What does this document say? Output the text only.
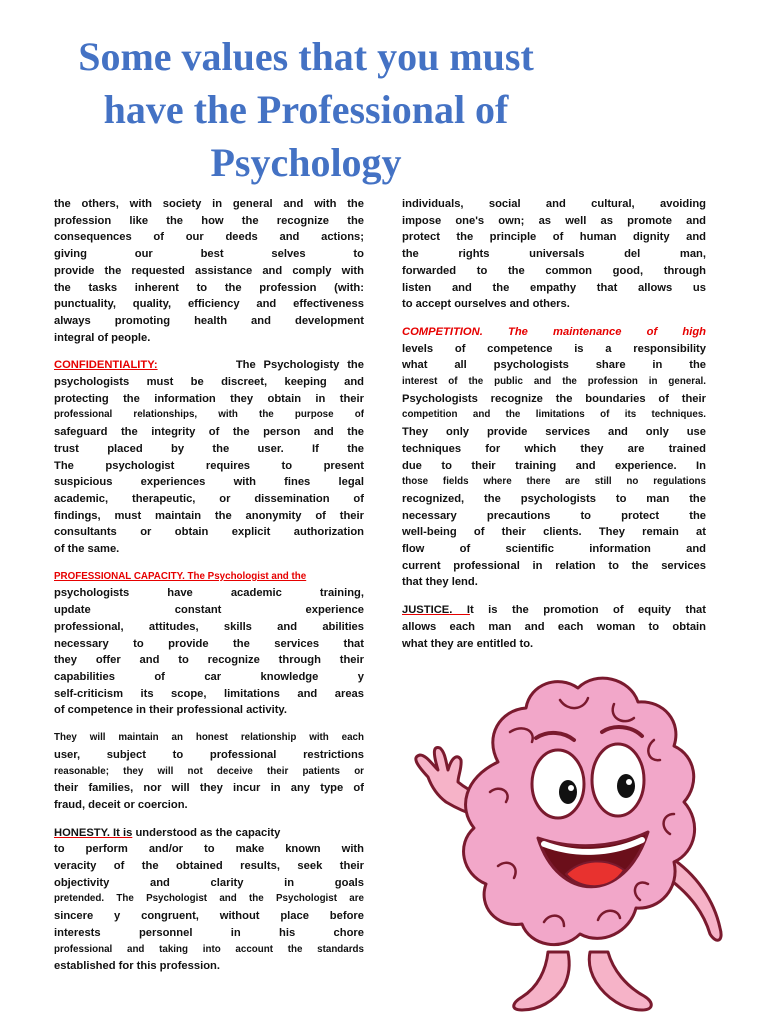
Some values that you must
have the Professional of
Psychology
the others, with society in general and with the
profession like the how the recognize the
consequences of our deeds and actions;
giving our best selves to
provide the requested assistance and comply with
the tasks inherent to the profession (with:
punctuality, quality, efficiency and effectiveness
always promoting health and development
integral of people.
CONFIDENTIALITY:	The Psychologisty the
psychologists must be discreet, keeping and
protecting the information they obtain in their
professional relationships, with the purpose of
safeguard the integrity of the person and the
trust placed by the user. If the
The psychologist requires to present
suspicious experiences with fines legal
academic, therapeutic, or dissemination of
findings, must maintain the anonymity of their
consultants or obtain explicit authorization
of the same.
PROFESSIONAL CAPACITY. The Psychologist and the
psychologists have academic training,
update constant experience
professional, attitudes, skills and abilities
necessary to provide the services that
they offer and to recognize through their
capabilities of car knowledge y
self-criticism its scope, limitations and areas
of competence in their professional activity.
They will maintain an honest relationship with each
user, subject to professional restrictions
reasonable; they will not deceive their patients or
their families, nor will they incur in any type of
fraud, deceit or coercion.
HONESTY. It is understood as the capacity
to perform and/or to make known with
veracity of the obtained results, seek their
objectivity and clarity in goals
pretended. The Psychologist and the Psychologist are
sincere y congruent, without place before
interests personnel in his chore
professional and taking into account the standards
established for this profession.
individuals, social and cultural, avoiding
impose one's own; as well as promote and
protect the principle of human dignity and
the rights universals del man,
forwarded to the common good, through
listen and the empathy that allows us
to accept ourselves and others.
COMPETITION. The maintenance of high
levels of competence is a responsibility
what all psychologists share in the
interest of the public and the profession in general.
Psychologists recognize the boundaries of their
competition and the limitations of its techniques.
They only provide services and only use
techniques for which they are trained
due to their training and experience. In
those fields where there are still no regulations
recognized, the psychologists to man the
necessary precautions to protect the
well-being of their clients. They remain at
flow of scientific information and
current professional in relation to the services
that they lend.
JUSTICE. It is the promotion of equity that
allows each man and each woman to obtain
what they are entitled to.
